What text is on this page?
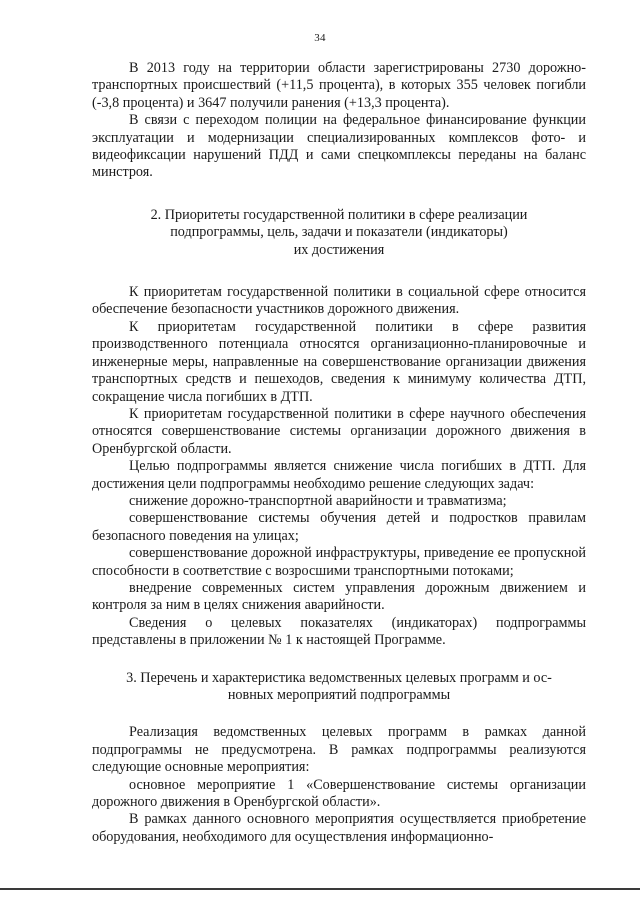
34

В 2013 году на территории области зарегистрированы 2730 дорожно-транспортных происшествий (+11,5 процента), в которых 355 человек погибли (-3,8 процента) и 3647 получили ранения (+13,3 процента).

В связи с переходом полиции на федеральное финансирование функции эксплуатации и модернизации специализированных комплексов фото- и видеофиксации нарушений ПДД и сами спецкомплексы переданы на баланс минстроя.

2. Приоритеты государственной политики в сфере реализации
подпрограммы, цель, задачи и показатели (индикаторы)
их достижения

К приоритетам государственной политики в социальной сфере относится обеспечение безопасности участников дорожного движения.

К приоритетам государственной политики в сфере развития производственного потенциала относятся организационно-планировочные и инженерные меры, направленные на совершенствование организации движения транспортных средств и пешеходов, сведения к минимуму количества ДТП, сокращение числа погибших в ДТП.

К приоритетам государственной политики в сфере научного обеспечения относятся совершенствование системы организации дорожного движения в Оренбургской области.

Целью подпрограммы является снижение числа погибших в ДТП. Для достижения цели подпрограммы необходимо решение следующих задач:

снижение дорожно-транспортной аварийности и травматизма;

совершенствование системы обучения детей и подростков правилам безопасного поведения на улицах;

совершенствование дорожной инфраструктуры, приведение ее пропускной способности в соответствие с возросшими транспортными потоками;

внедрение современных систем управления дорожным движением и контроля за ним в целях снижения аварийности.

Сведения о целевых показателях (индикаторах) подпрограммы представлены в приложении № 1 к настоящей Программе.

3. Перечень и характеристика ведомственных целевых программ и ос-
новных мероприятий подпрограммы

Реализация ведомственных целевых программ в рамках данной подпрограммы не предусмотрена. В рамках подпрограммы реализуются следующие основные мероприятия:

основное мероприятие 1 «Совершенствование системы организации дорожного движения в Оренбургской области».

В рамках данного основного мероприятия осуществляется приобретение оборудования, необходимого для осуществления информационно-
